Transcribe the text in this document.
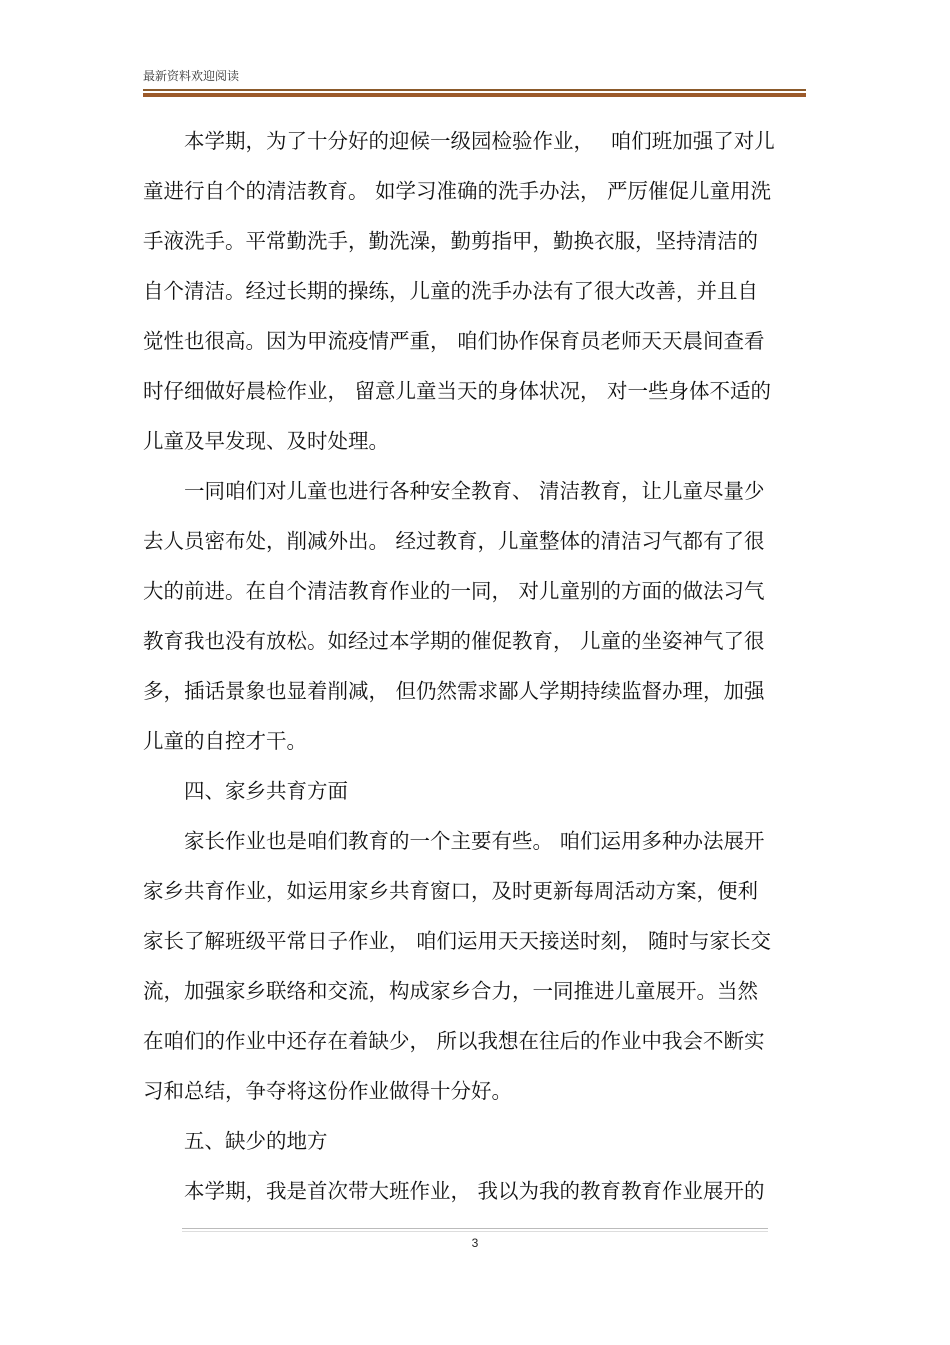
最新资料欢迎阅读
　　本学期，为了十分好的迎候一级园检验作业，　 咱们班加强了对儿
童进行自个的清洁教育。 如学习准确的洗手办法， 严厉催促儿童用洗
手液洗手。平常勤洗手，勤洗澡，勤剪指甲，勤换衣服，坚持清洁的
自个清洁。经过长期的操练，儿童的洗手办法有了很大改善，并且自
觉性也很高。因为甲流疫情严重， 咱们协作保育员老师天天晨间查看
时仔细做好晨检作业， 留意儿童当天的身体状况， 对一些身体不适的
儿童及早发现、及时处理。
　　一同咱们对儿童也进行各种安全教育、 清洁教育，让儿童尽量少
去人员密布处，削减外出。 经过教育，儿童整体的清洁习气都有了很
大的前进。在自个清洁教育作业的一同， 对儿童别的方面的做法习气
教育我也没有放松。如经过本学期的催促教育， 儿童的坐姿神气了很
多，插话景象也显着削减， 但仍然需求鄙人学期持续监督办理，加强
儿童的自控才干。
　　四、家乡共育方面
　　家长作业也是咱们教育的一个主要有些。 咱们运用多种办法展开
家乡共育作业，如运用家乡共育窗口，及时更新每周活动方案，便利
家长了解班级平常日子作业， 咱们运用天天接送时刻， 随时与家长交
流，加强家乡联络和交流，构成家乡合力，一同推进儿童展开。当然
在咱们的作业中还存在着缺少， 所以我想在往后的作业中我会不断实
习和总结，争夺将这份作业做得十分好。
　　五、缺少的地方
　　本学期，我是首次带大班作业， 我以为我的教育教育作业展开的
3
